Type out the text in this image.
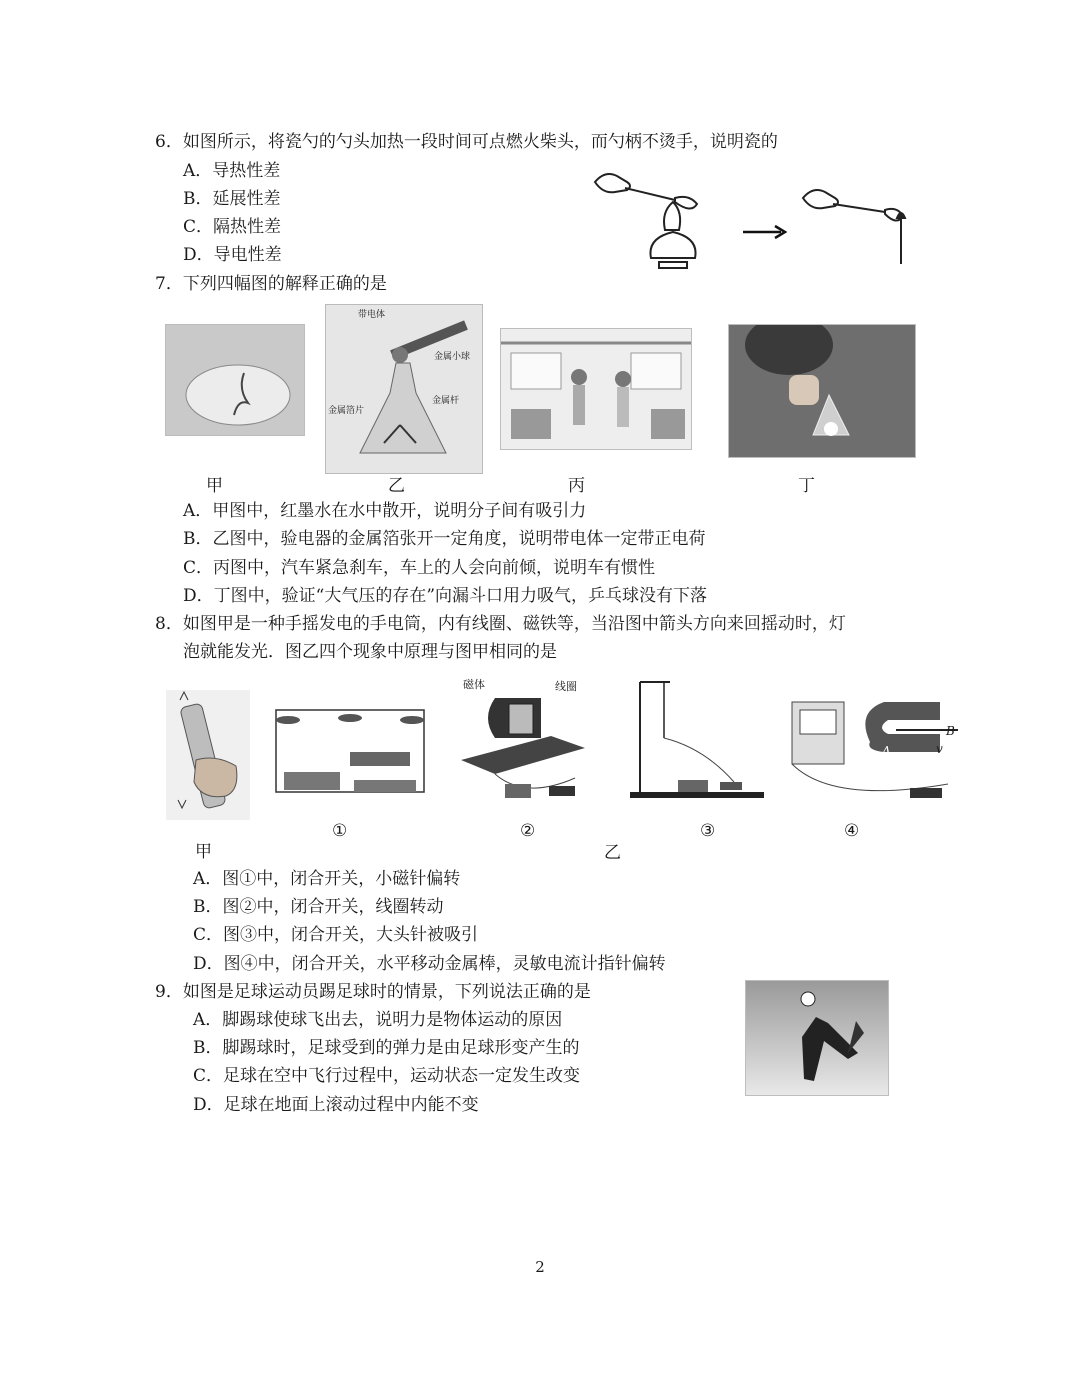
6．如图所示，将瓷勺的勺头加热一段时间可点燃火柴头，而勺柄不烫手，说明瓷的
A．导热性差
B．延展性差
C．隔热性差
D．导电性差
7．下列四幅图的解释正确的是
带电体
金属小球
金属杆
金属箔片
甲	乙	丙	丁
A．甲图中，红墨水在水中散开，说明分子间有吸引力
B．乙图中，验电器的金属箔张开一定角度，说明带电体一定带正电荷
C．丙图中，汽车紧急刹车，车上的人会向前倾，说明车有惯性
D．丁图中，验证“大气压的存在”向漏斗口用力吸气，乒乓球没有下落
8．如图甲是一种手摇发电的手电筒，内有线圈、磁铁等，当沿图中箭头方向来回摇动时，灯
泡就能发光．图乙四个现象中原理与图甲相同的是
磁体	线圈
B
A	v
①	②	③	④
甲	乙
A．图①中，闭合开关，小磁针偏转
B．图②中，闭合开关，线圈转动
C．图③中，闭合开关，大头针被吸引
D．图④中，闭合开关，水平移动金属棒，灵敏电流计指针偏转
9．如图是足球运动员踢足球时的情景，下列说法正确的是
A．脚踢球使球飞出去，说明力是物体运动的原因
B．脚踢球时，足球受到的弹力是由足球形变产生的
C．足球在空中飞行过程中，运动状态一定发生改变
D．足球在地面上滚动过程中内能不变
2
